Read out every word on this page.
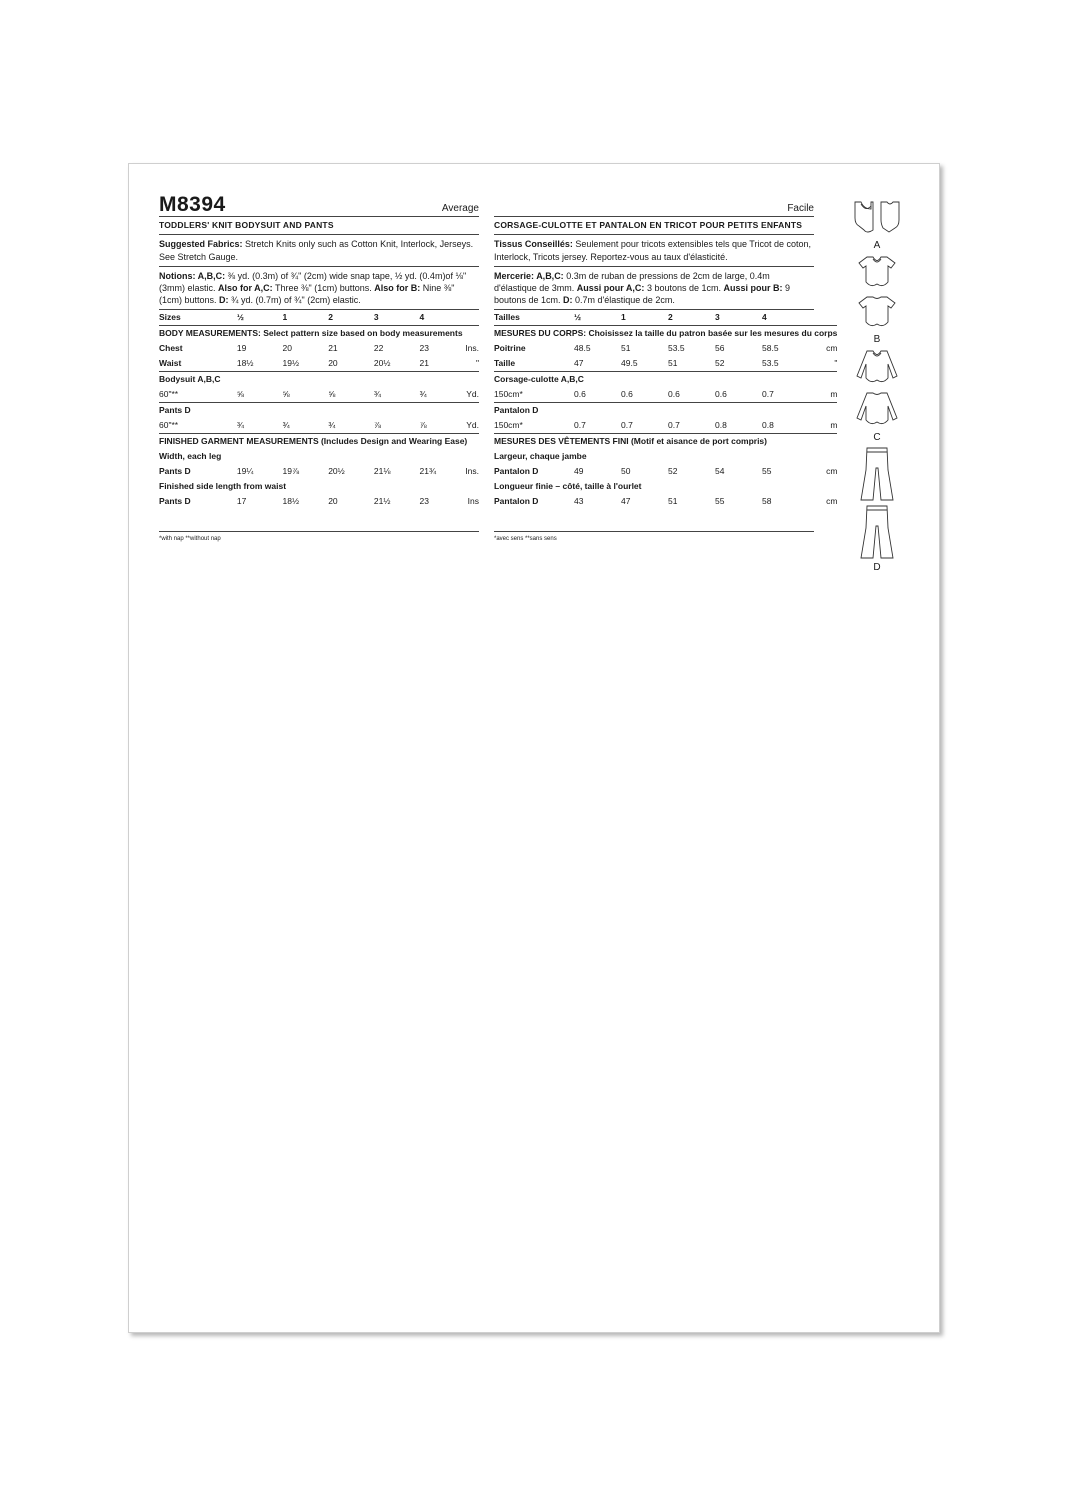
M8394	Average
TODDLERS' KNIT BODYSUIT AND PANTS
Suggested Fabrics: Stretch Knits only such as Cotton Knit, Interlock, Jerseys. See Stretch Gauge.
Notions: A,B,C: ⅜ yd. (0.3m) of ¾" (2cm) wide snap tape, ½ yd. (0.4m)of ⅛" (3mm) elastic. Also for A,C: Three ⅜" (1cm) buttons. Also for B: Nine ⅜" (1cm) buttons. D: ¾ yd. (0.7m) of ¾" (2cm) elastic.
Sizes	½	1	2	3	4	
BODY MEASUREMENTS: Select pattern size based on body measurements						
Chest	19	20	21	22	23	Ins.
Waist	18½	19½	20	20½	21	"
Bodysuit A,B,C						
60"**	⅝	⅝	⅝	¾	¾	Yd.
Pants D						
60"**	¾	¾	¾	⅞	⅞	Yd.
FINISHED GARMENT MEASUREMENTS (Includes Design and Wearing Ease)						
Width, each leg						
Pants D	19¼	19⅞	20½	21⅛	21¾	Ins.
Finished side length from waist						
Pants D	17	18½	20	21½	23	Ins
*with nap **without nap
Facile
CORSAGE-CULOTTE ET PANTALON EN TRICOT POUR PETITS ENFANTS
Tissus Conseillés: Seulement pour tricots extensibles tels que Tricot de coton, Interlock, Tricots jersey. Reportez-vous au taux d'élasticité.
Mercerie: A,B,C: 0.3m de ruban de pressions de 2cm de large, 0.4m d'élastique de 3mm. Aussi pour A,C: 3 boutons de 1cm. Aussi pour B: 9 boutons de 1cm. D: 0.7m d'élastique de 2cm.
Tailles	½	1	2	3	4	
MESURES DU CORPS: Choisissez la taille du patron basée sur les mesures du corps						
Poitrine	48.5	51	53.5	56	58.5	cm
Taille	47	49.5	51	52	53.5	"
Corsage-culotte A,B,C						
150cm*	0.6	0.6	0.6	0.6	0.7	m
Pantalon D						
150cm*	0.7	0.7	0.7	0.8	0.8	m
MESURES DES VÊTEMENTS FINI (Motif et aisance de port compris)						
Largeur, chaque jambe						
Pantalon D	49	50	52	54	55	cm
Longueur finie – côté, taille à l'ourlet						
Pantalon D	43	47	51	55	58	cm
*avec sens **sans sens
A
B
C
D
